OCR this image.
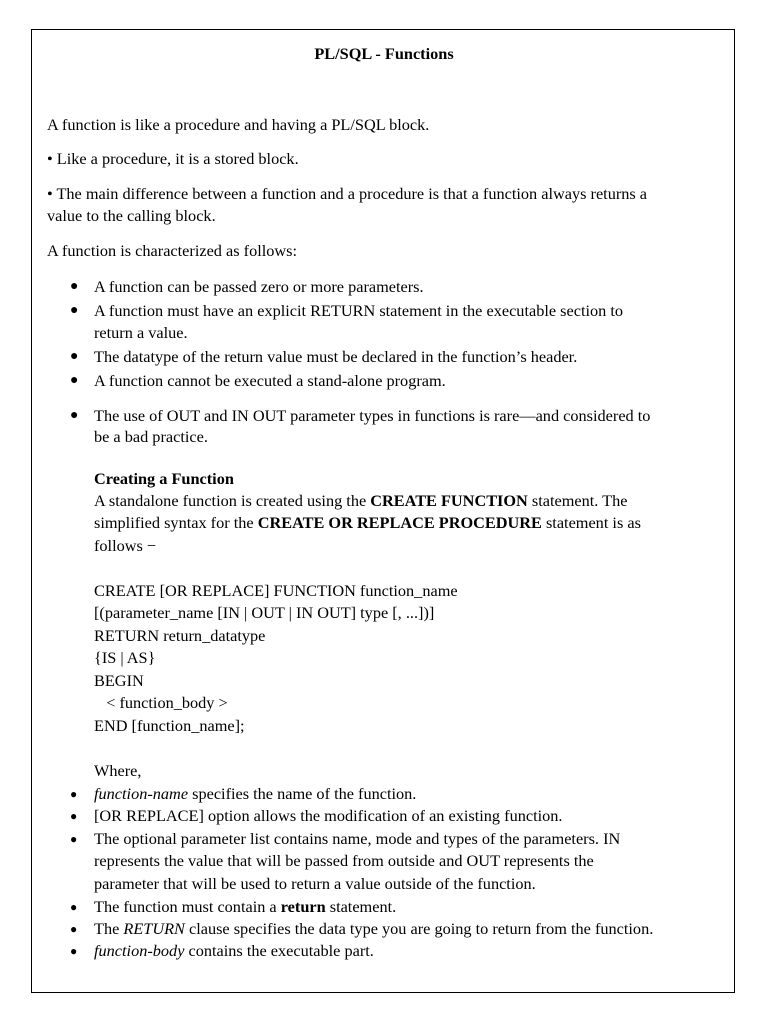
PL/SQL - Functions
A function is like a procedure and having a PL/SQL block.
• Like a procedure, it is a stored block.
• The main difference between a function and a procedure is that a function always returns a
value to the calling block.
A function is characterized as follows:
● A function can be passed zero or more parameters.
● A function must have an explicit RETURN statement in the executable section to
return a value.
● The datatype of the return value must be declared in the function’s header.
● A function cannot be executed a stand-alone program.
● The use of OUT and IN OUT parameter types in functions is rare—and considered to
be a bad practice.
Creating a Function
A standalone function is created using the CREATE FUNCTION statement. The
simplified syntax for the CREATE OR REPLACE PROCEDURE statement is as
follows −
CREATE [OR REPLACE] FUNCTION function_name
[(parameter_name [IN | OUT | IN OUT] type [, ...])]
RETURN return_datatype
{IS | AS}
BEGIN
< function_body >
END [function_name];
Where,
● function-name specifies the name of the function.
● [OR REPLACE] option allows the modification of an existing function.
● The optional parameter list contains name, mode and types of the parameters. IN
represents the value that will be passed from outside and OUT represents the
parameter that will be used to return a value outside of the function.
● The function must contain a return statement.
● The RETURN clause specifies the data type you are going to return from the function.
● function-body contains the executable part.
